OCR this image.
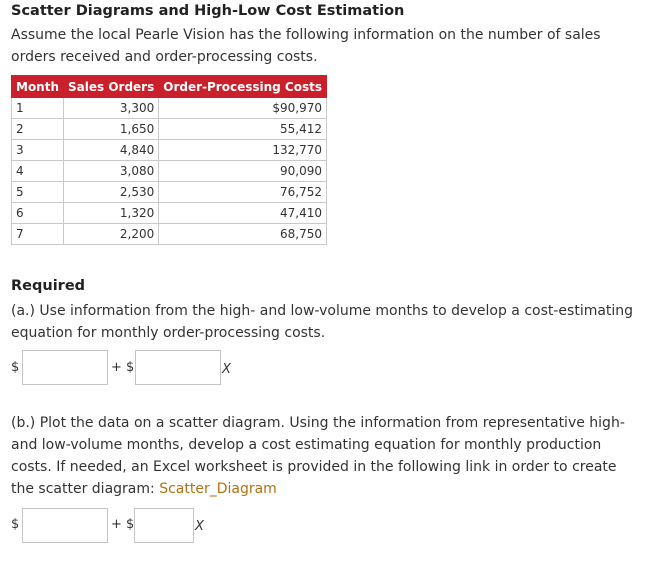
Scatter Diagrams and High-Low Cost Estimation
Assume the local Pearle Vision has the following information on the number of sales orders received and order-processing costs.
Month	Sales Orders	Order-Processing Costs
1	3,300	$90,970
2	1,650	55,412
3	4,840	132,770
4	3,080	90,090
5	2,530	76,752
6	1,320	47,410
7	2,200	68,750
Required
(a.) Use information from the high- and low-volume months to develop a cost-estimating equation for monthly order-processing costs.
$	+ $	X
(b.) Plot the data on a scatter diagram. Using the information from representative high- and low-volume months, develop a cost estimating equation for monthly production costs. If needed, an Excel worksheet is provided in the following link in order to create the scatter diagram: Scatter_Diagram
$	+ $	X
